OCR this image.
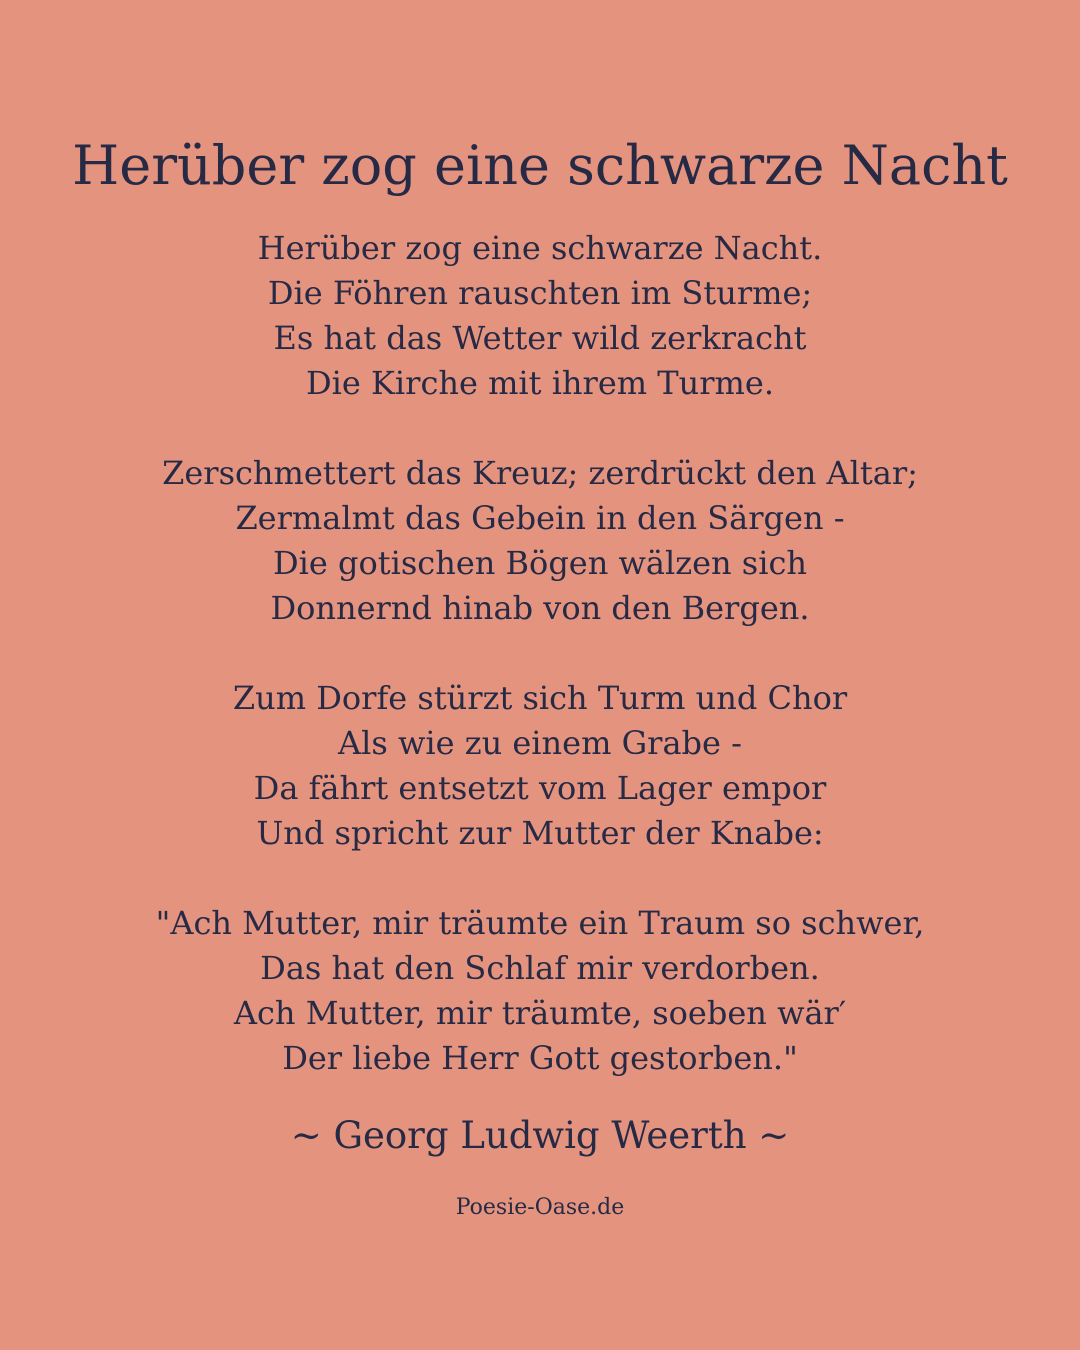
Herüber zog eine schwarze Nacht
Herüber zog eine schwarze Nacht.
Die Föhren rauschten im Sturme;
Es hat das Wetter wild zerkracht
Die Kirche mit ihrem Turme.
Zerschmettert das Kreuz; zerdrückt den Altar;
Zermalmt das Gebein in den Särgen -
Die gotischen Bögen wälzen sich
Donnernd hinab von den Bergen.
Zum Dorfe stürzt sich Turm und Chor
Als wie zu einem Grabe -
Da fährt entsetzt vom Lager empor
Und spricht zur Mutter der Knabe:
"Ach Mutter, mir träumte ein Traum so schwer,
Das hat den Schlaf mir verdorben.
Ach Mutter, mir träumte, soeben wär′
Der liebe Herr Gott gestorben."
~ Georg Ludwig Weerth ~
Poesie-Oase.de
